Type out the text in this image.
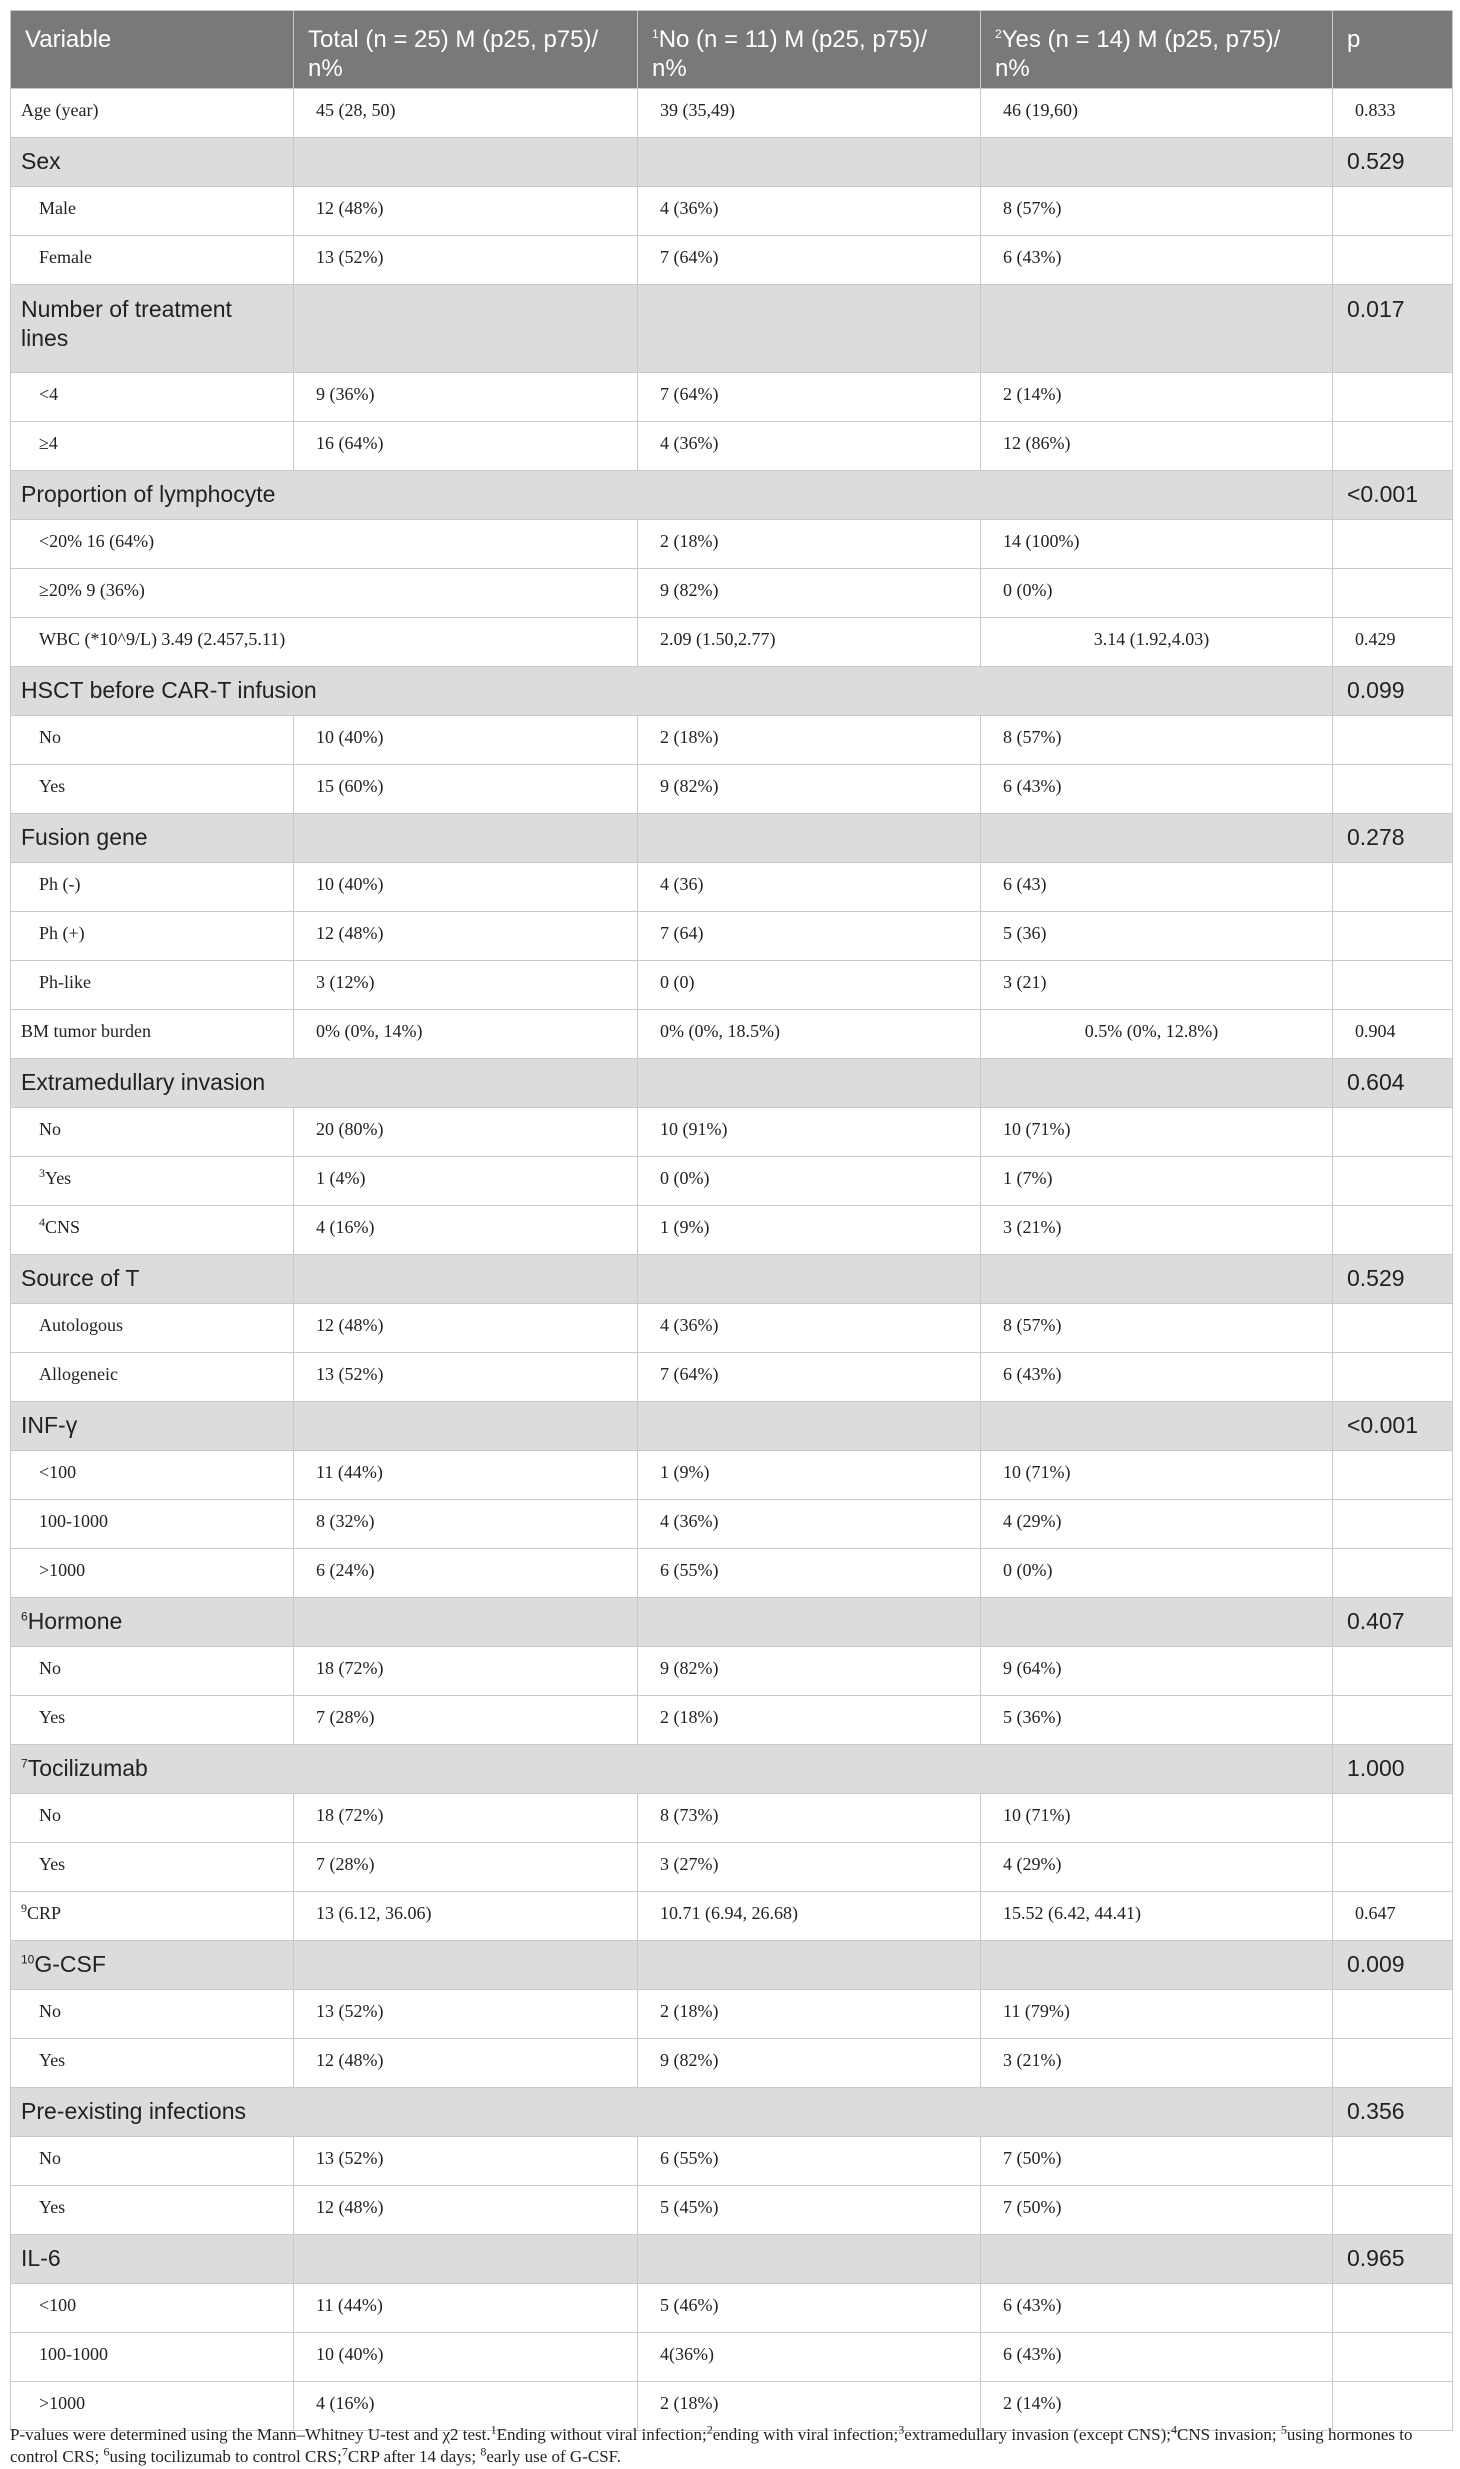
Variable	Total (n = 25) M (p25, p75)/ n%	$^1$No (n = 11) M (p25, p75)/ n%	$^2$Yes (n = 14) M (p25, p75)/ n%	p
Age (year)	45 (28, 50)	39 (35,49)	46 (19,60)	0.833
Sex				0.529
Male	12 (48%)	4 (36%)	8 (57%)	
Female	13 (52%)	7 (64%)	6 (43%)	
Number of treatment lines				0.017
<4	9 (36%)	7 (64%)	2 (14%)	
≥4	16 (64%)	4 (36%)	12 (86%)	
Proportion of lymphocyte				<0.001
<20% 16 (64%)		2 (18%)	14 (100%)	
≥20% 9 (36%)		9 (82%)	0 (0%)	
WBC (*10^9/L) 3.49 (2.457,5.11)		2.09 (1.50,2.77)	3.14 (1.92,4.03)	0.429
HSCT before CAR-T infusion				0.099
No	10 (40%)	2 (18%)	8 (57%)	
Yes	15 (60%)	9 (82%)	6 (43%)	
Fusion gene				0.278
Ph (-)	10 (40%)	4 (36)	6 (43)	
Ph (+)	12 (48%)	7 (64)	5 (36)	
Ph-like	3 (12%)	0 (0)	3 (21)	
BM tumor burden	0% (0%, 14%)	0% (0%, 18.5%)	0.5% (0%, 12.8%)	0.904
Extramedullary invasion				0.604
No	20 (80%)	10 (91%)	10 (71%)	
$^3$Yes	1 (4%)	0 (0%)	1 (7%)	
$^4$CNS	4 (16%)	1 (9%)	3 (21%)	
Source of T				0.529
Autologous	12 (48%)	4 (36%)	8 (57%)	
Allogeneic	13 (52%)	7 (64%)	6 (43%)	
INF-γ				<0.001
<100	11 (44%)	1 (9%)	10 (71%)	
100-1000	8 (32%)	4 (36%)	4 (29%)	
>1000	6 (24%)	6 (55%)	0 (0%)	
$^6$Hormone				0.407
No	18 (72%)	9 (82%)	9 (64%)	
Yes	7 (28%)	2 (18%)	5 (36%)	
$^7$Tocilizumab				1.000
No	18 (72%)	8 (73%)	10 (71%)	
Yes	7 (28%)	3 (27%)	4 (29%)	
$^9$CRP	13 (6.12, 36.06)	10.71 (6.94, 26.68)	15.52 (6.42, 44.41)	0.647
$^{10}$G-CSF				0.009
No	13 (52%)	2 (18%)	11 (79%)	
Yes	12 (48%)	9 (82%)	3 (21%)	
Pre-existing infections				0.356
No	13 (52%)	6 (55%)	7 (50%)	
Yes	12 (48%)	5 (45%)	7 (50%)	
IL-6				0.965
<100	11 (44%)	5 (46%)	6 (43%)	
100-1000	10 (40%)	4(36%)	6 (43%)	
>1000	4 (16%)	2 (18%)	2 (14%)	
P-values were determined using the Mann–Whitney U-test and χ2 test.$^1$Ending without viral infection;$^2$ending with viral infection;$^3$extramedullary invasion (except CNS);$^4$CNS invasion; $^5$using hormones to control CRS; $^6$using tocilizumab to control CRS;$^7$CRP after 14 days; $^8$early use of G-CSF.
